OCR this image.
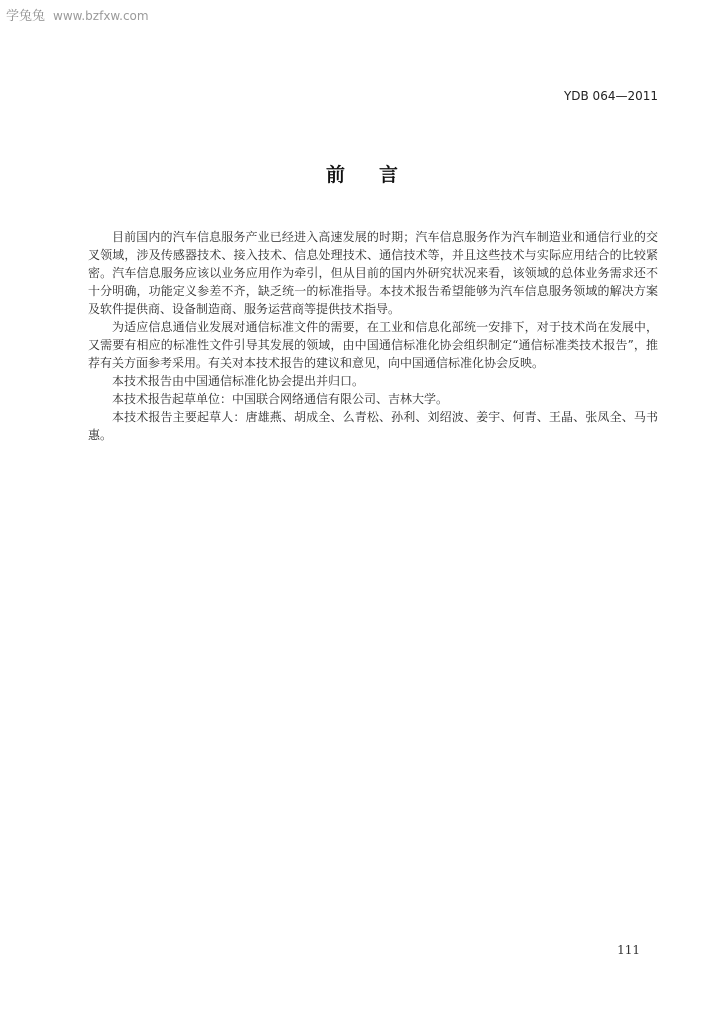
学兔兔 www.bzfxw.com
YDB 064—2011
前言

目前国内的汽车信息服务产业已经进入高速发展的时期；汽车信息服务作为汽车制造业和通信行业的交叉领域，涉及传感器技术、接入技术、信息处理技术、通信技术等，并且这些技术与实际应用结合的比较紧密。汽车信息服务应该以业务应用作为牵引，但从目前的国内外研究状况来看，该领域的总体业务需求还不十分明确，功能定义参差不齐，缺乏统一的标准指导。本技术报告希望能够为汽车信息服务领域的解决方案及软件提供商、设备制造商、服务运营商等提供技术指导。

为适应信息通信业发展对通信标准文件的需要，在工业和信息化部统一安排下，对于技术尚在发展中，又需要有相应的标准性文件引导其发展的领域，由中国通信标准化协会组织制定“通信标准类技术报告”，推荐有关方面参考采用。有关对本技术报告的建议和意见，向中国通信标准化协会反映。

本技术报告由中国通信标准化协会提出并归口。

本技术报告起草单位：中国联合网络通信有限公司、吉林大学。

本技术报告主要起草人：唐雄燕、胡成全、么青松、孙利、刘绍波、姜宇、何青、王晶、张凤全、马书惠。

111
